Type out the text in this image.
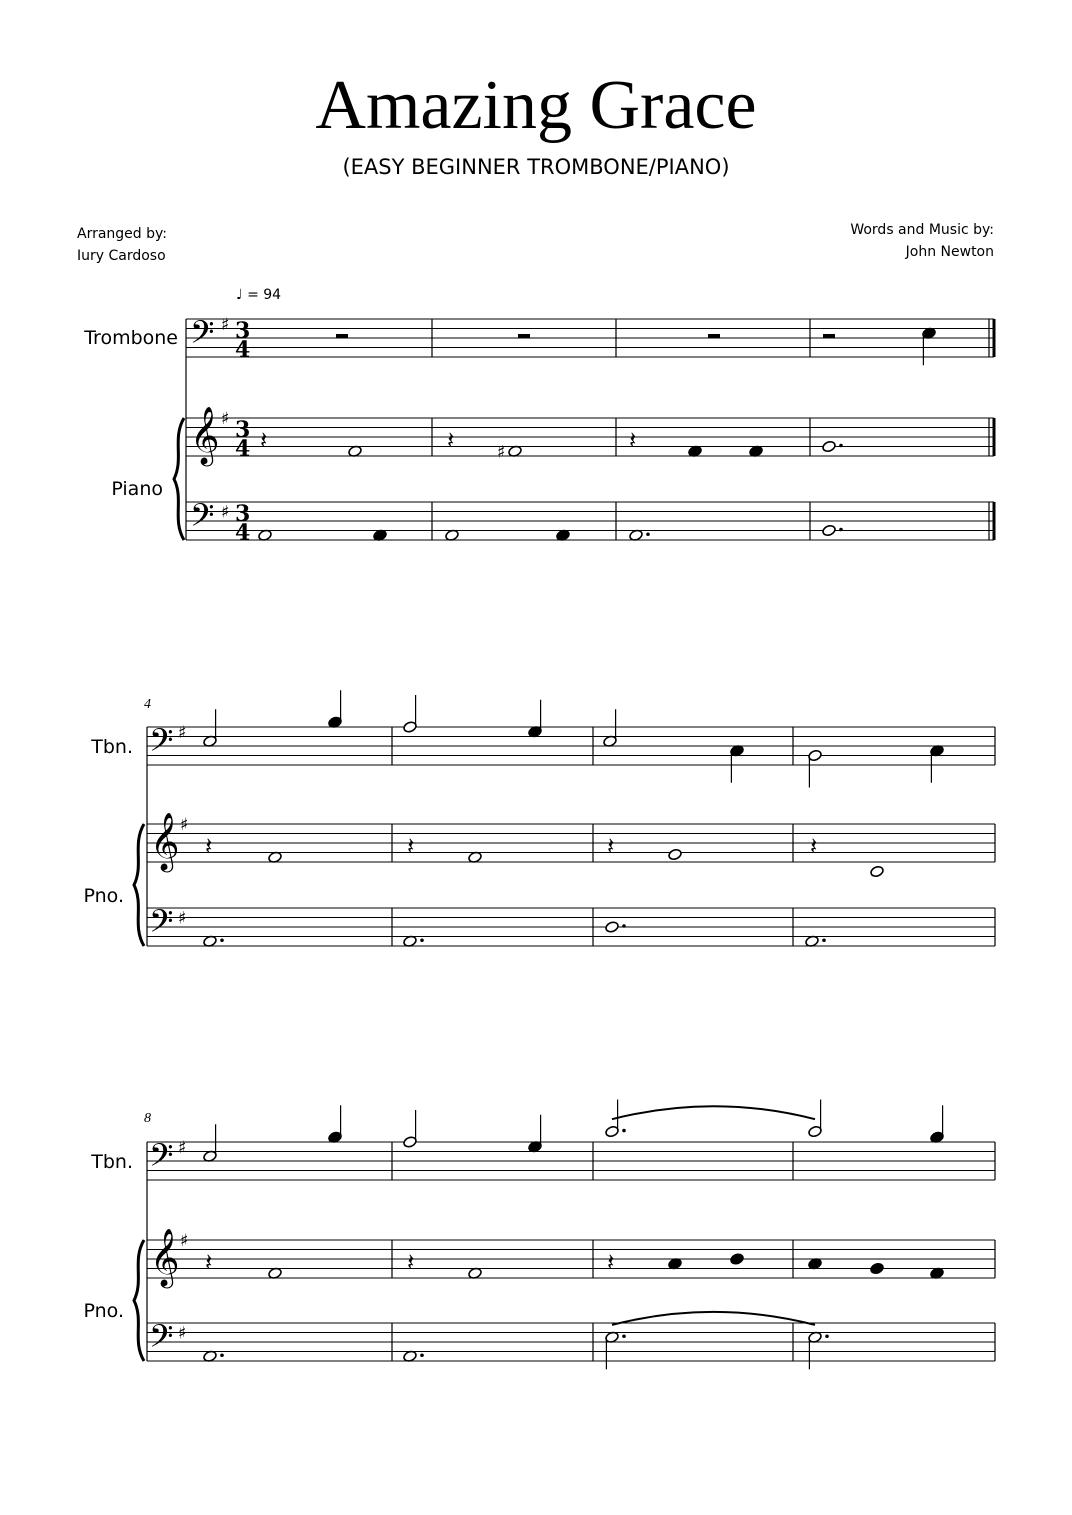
Amazing Grace
(EASY BEGINNER TROMBONE/PIANO)
Arranged by:
Iury Cardoso
Words and Music by:
John Newton
♩ = 94
Trombone
Piano
Tbn.
Pno.
Tbn.
Pno.
4
8
𝄢 ♯ 3
4
𝄞 ♯ 3
4
𝄢 ♯ 3
4
𝄽	𝄽	♯	𝄽
𝄢 ♯
𝄞 ♯
𝄢 ♯
𝄽	𝄽	𝄽	𝄽
𝄢 ♯
𝄞 ♯
𝄢 ♯
𝄽	𝄽	𝄽
